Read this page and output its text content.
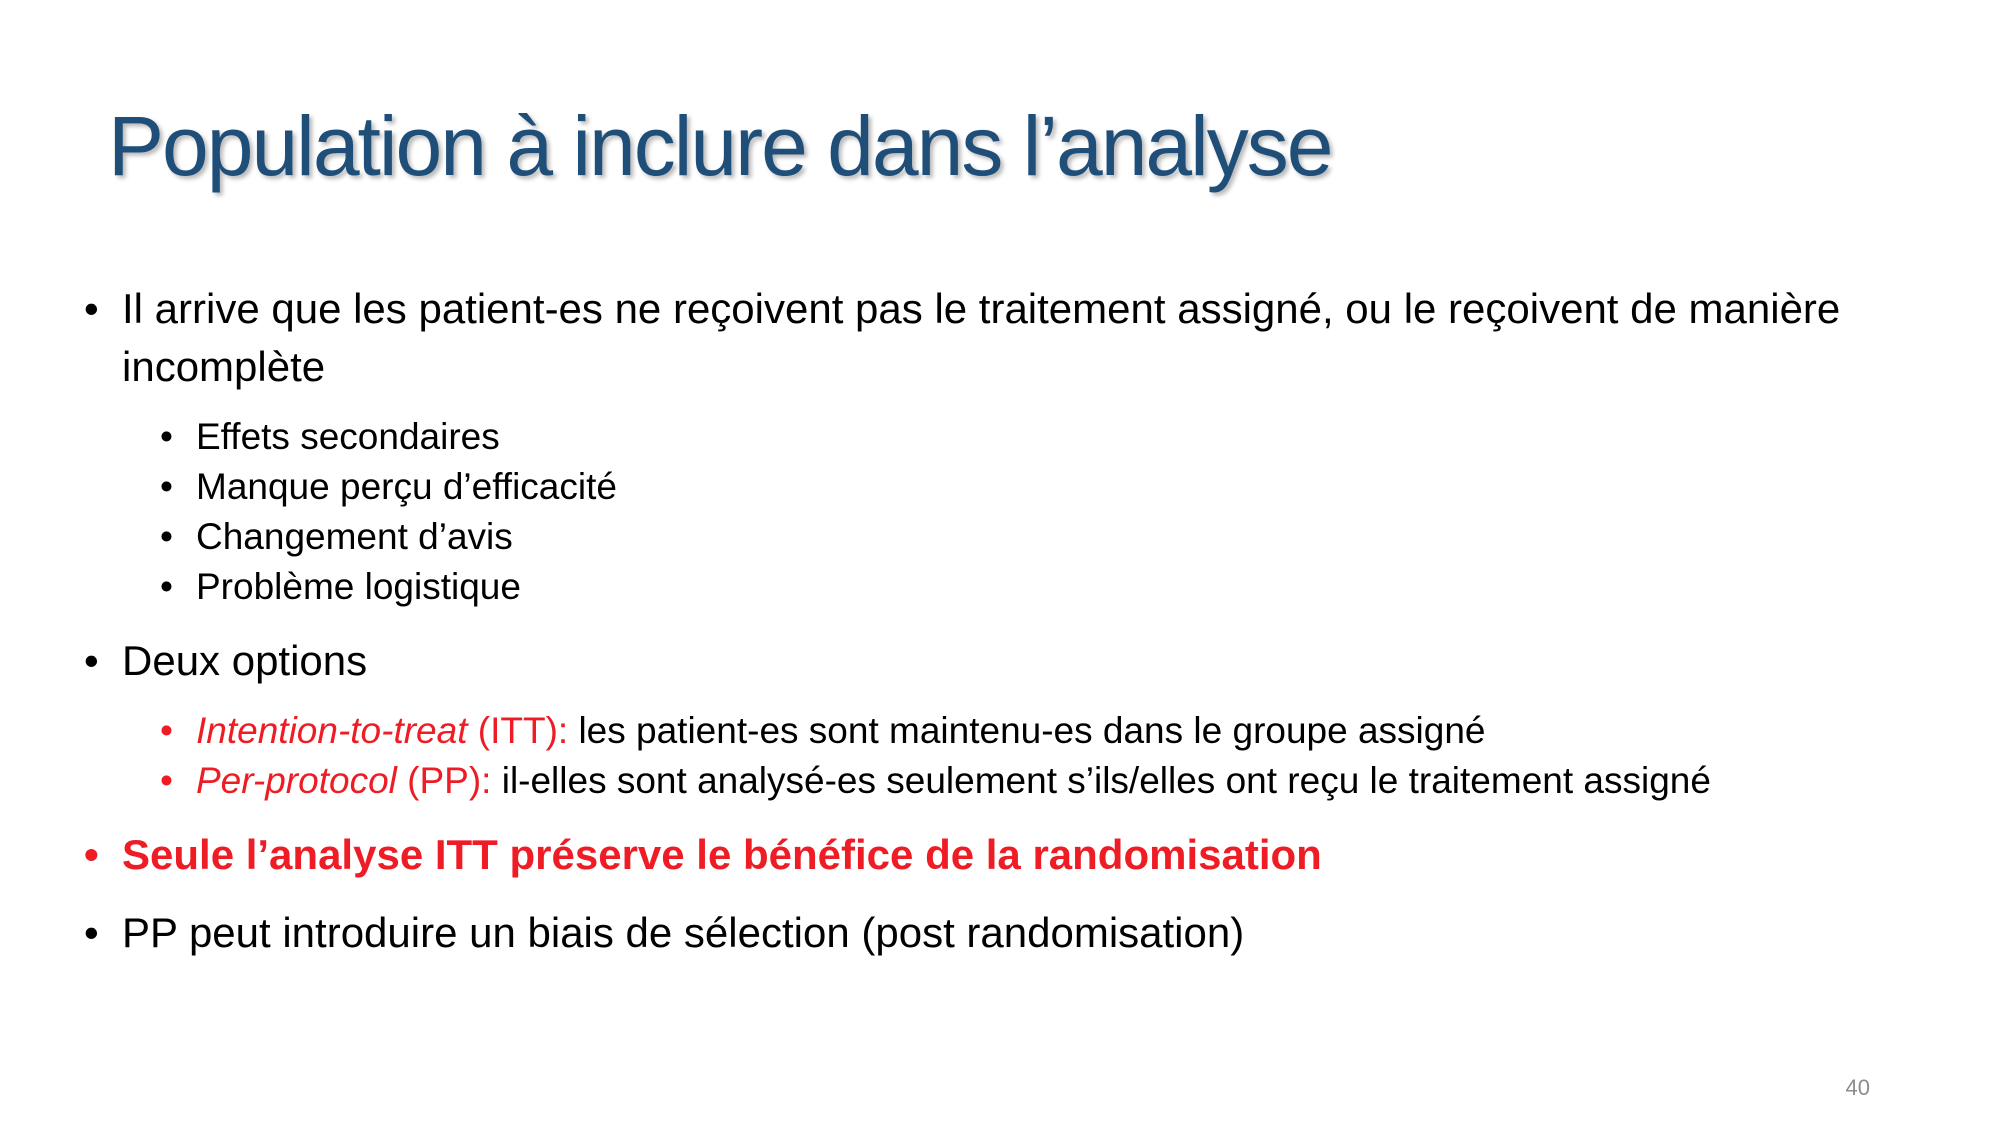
Population à inclure dans l’analyse
• Il arrive que les patient-es ne reçoivent pas le traitement assigné, ou le reçoivent de manière incomplète
• Effets secondaires
• Manque perçu d’efficacité
• Changement d’avis
• Problème logistique
• Deux options
• Intention-to-treat (ITT): les patient-es sont maintenu-es dans le groupe assigné
• Per-protocol (PP): il-elles sont analysé-es seulement s’ils/elles ont reçu le traitement assigné
• Seule l’analyse ITT préserve le bénéfice de la randomisation
• PP peut introduire un biais de sélection (post randomisation)
40
